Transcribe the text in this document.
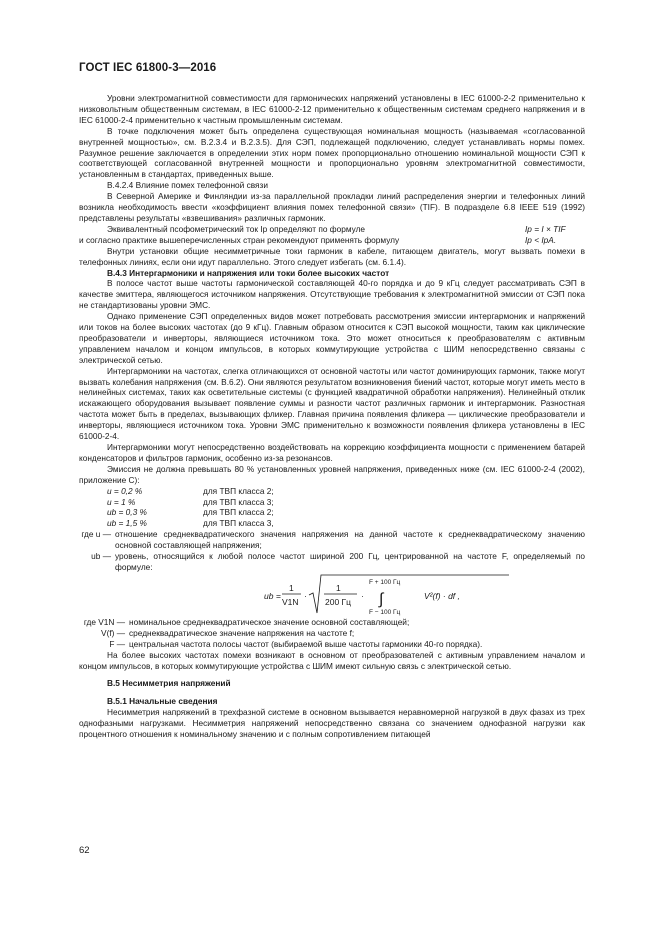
ГОСТ IEC 61800-3—2016

Уровни электромагнитной совместимости для гармонических напряжений установлены в IEC 61000-2-2 применительно к низковольтным общественным системам, в IEC 61000-2-12 применительно к общественным системам среднего напряжения и в IEC 61000-2-4 применительно к частным промышленным системам.

В точке подключения может быть определена существующая номинальная мощность (называемая «согласованной внутренней мощностью», см. В.2.3.4 и В.2.3.5). Для СЭП, подлежащей подключению, следует устанавливать нормы помех. Разумное решение заключается в определении этих норм помех пропорционально отношению номинальной мощности СЭП к соответствующей согласованной внутренней мощности и пропорционально уровням электромагнитной совместимости, установленным в стандартах, приведенных выше.

В.4.2.4 Влияние помех телефонной связи

В Северной Америке и Финляндии из-за параллельной прокладки линий распределения энергии и телефонных линий возникла необходимость ввести «коэффициент влияния помех телефонной связи» (TIF). В подразделе 6.8 IEEE 519 (1992) представлены результаты «взвешивания» различных гармоник.

Эквивалентный псофометрический ток Iр определяют по формуле	Iр = I × TIF
и согласно практике вышеперечисленных стран рекомендуют применять формулу	Iр < IрА.

Внутри установки общие несимметричные токи гармоник в кабеле, питающем двигатель, могут вызвать помехи в телефонных линиях, если они идут параллельно. Этого следует избегать (см. 6.1.4).

В.4.3 Интергармоники и напряжения или токи более высоких частот

В полосе частот выше частоты гармонической составляющей 40-го порядка и до 9 кГц следует рассматривать СЭП в качестве эмиттера, являющегося источником напряжения. Отсутствующие требования к электромагнитной эмиссии от СЭП пока не стандартизованы уровни ЭМС.

Однако применение СЭП определенных видов может потребовать рассмотрения эмиссии интергармоник и напряжений или токов на более высоких частотах (до 9 кГц). Главным образом относится к СЭП высокой мощности, таким как циклические преобразователи и инверторы, являющиеся источником тока. Это может относиться к преобразователям с активным управлением началом и концом импульсов, в которых коммутирующие устройства с ШИМ непосредственно связаны с электрической сетью.

Интергармоники на частотах, слегка отличающихся от основной частоты или частот доминирующих гармоник, также могут вызвать колебания напряжения (см. В.6.2). Они являются результатом возникновения биений частот, которые могут иметь место в нелинейных системах, таких как осветительные системы (с функцией квадратичной обработки напряжения). Нелинейный отклик искажающего оборудования вызывает появление суммы и разности частот различных гармоник и интергармоник. Разностная частота может быть в пределах, вызывающих фликер. Главная причина появления фликера — циклические преобразователи и инверторы, являющиеся источником тока. Уровни ЭМС применительно к возможности появления фликера установлены в IEC 61000-2-4.

Интергармоники могут непосредственно воздействовать на коррекцию коэффициента мощности с применением батарей конденсаторов и фильтров гармоник, особенно из-за резонансов.

Эмиссия не должна превышать 80 % установленных уровней напряжения, приведенных ниже (см. IEC 61000-2-4 (2002), приложение С):

u = 0,2 %	для ТВП класса 2;
u = 1 %	для ТВП класса 3;
ub = 0,3 %	для ТВП класса 2;
ub = 1,5 %	для ТВП класса 3,
где u — отношение среднеквадратического значения напряжения на данной частоте к среднеквадратическому значению основной составляющей напряжения;
ub — уровень, относящийся к любой полосе частот шириной 200 Гц, центрированной на частоте F, определяемый по формуле:
ub =
1
V1N
·
1
200 Гц
·
F + 100 Гц
∫
F − 100 Гц
V²(f) · df ,
где V1N — номинальное среднеквадратическое значение основной составляющей;
V(f) — среднеквадратическое значение напряжения на частоте f;
F — центральная частота полосы частот (выбираемой выше частоты гармоники 40-го порядка).

На более высоких частотах помехи возникают в основном от преобразователей с активным управлением началом и концом импульсов, в которых коммутирующие устройства с ШИМ имеют сильную связь с электрической сетью.

В.5 Несимметрия напряжений

В.5.1 Начальные сведения

Несимметрия напряжений в трехфазной системе в основном вызывается неравномерной нагрузкой в двух фазах из трех однофазными нагрузками. Несимметрия напряжений непосредственно связана со значением однофазной нагрузки как процентного отношения к номинальному значению и с полным сопротивлением питающей

62
